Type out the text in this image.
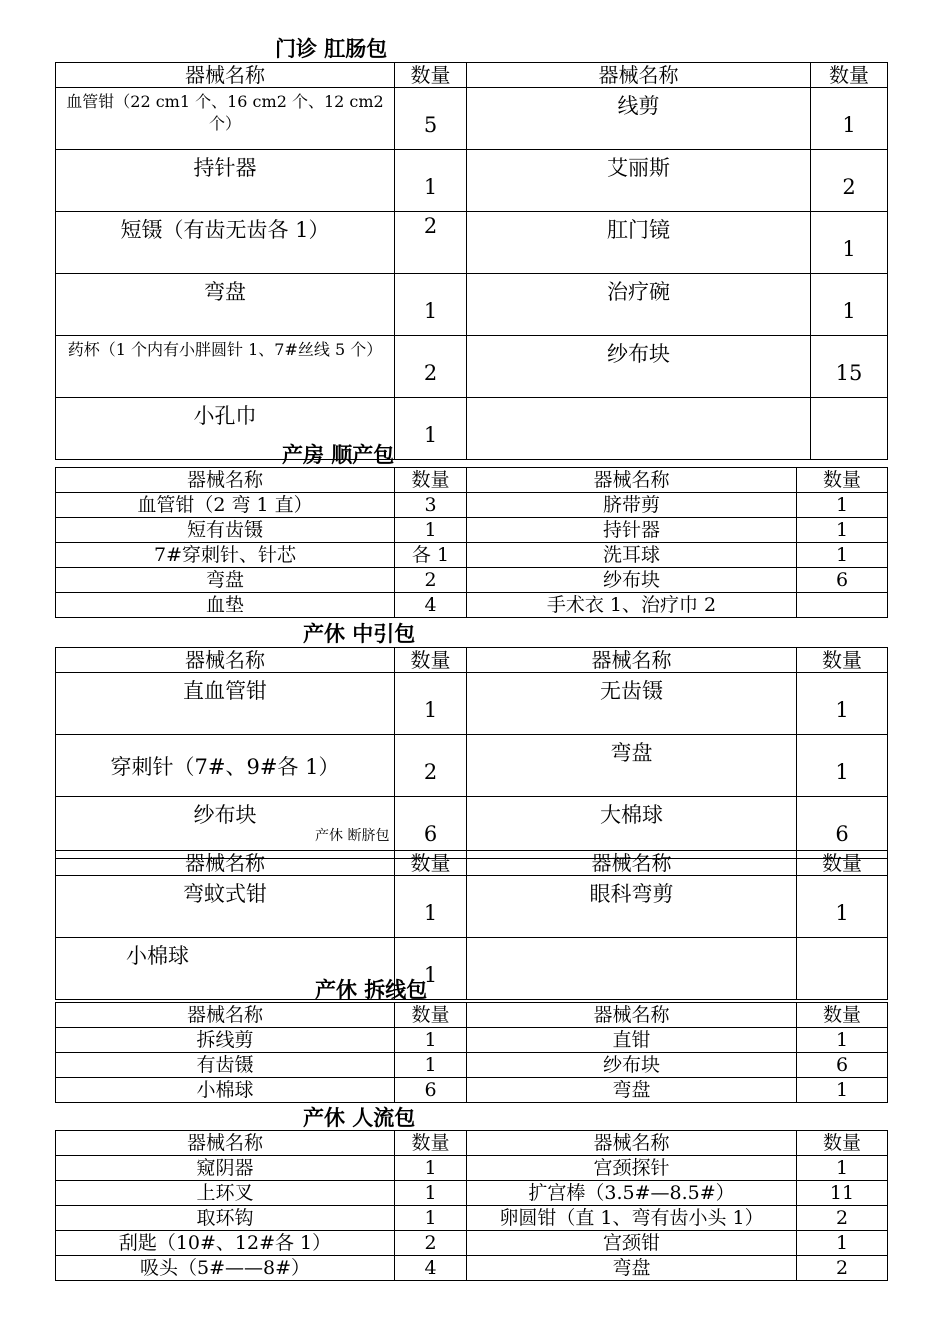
门诊 肛肠包
器械名称	数量	器械名称	数量
血管钳（22 cm1 个、16 cm2 个、12 cm2 个）	5	线剪	1
持针器	1	艾丽斯	2
短镊（有齿无齿各 1）	2	肛门镜	1
弯盘	1	治疗碗	1
药杯（1 个内有小胖圆针 1、7#丝线 5 个）	2	纱布块	15
小孔巾	1		
产房 顺产包
器械名称	数量	器械名称	数量
血管钳（2 弯 1 直）	3	脐带剪	1
短有齿镊	1	持针器	1
7#穿刺针、针芯	各 1	洗耳球	1
弯盘	2	纱布块	6
血垫	4	手术衣 1、治疗巾 2	
产休 中引包
器械名称	数量	器械名称	数量
直血管钳	1	无齿镊	1
穿刺针（7#、9#各 1）	2	弯盘	1
纱布块	6	大棉球	6
产休 断脐包
器械名称	数量	器械名称	数量
弯蚊式钳	1	眼科弯剪	1
小棉球	1		
产休 拆线包
器械名称	数量	器械名称	数量
拆线剪	1	直钳	1
有齿镊	1	纱布块	6
小棉球	6	弯盘	1
产休 人流包
器械名称	数量	器械名称	数量
窥阴器	1	宫颈探针	1
上环叉	1	扩宫棒（3.5#—8.5#）	11
取环钩	1	卵圆钳（直 1、弯有齿小头 1）	2
刮匙（10#、12#各 1）	2	宫颈钳	1
吸头（5#——8#）	4	弯盘	2
